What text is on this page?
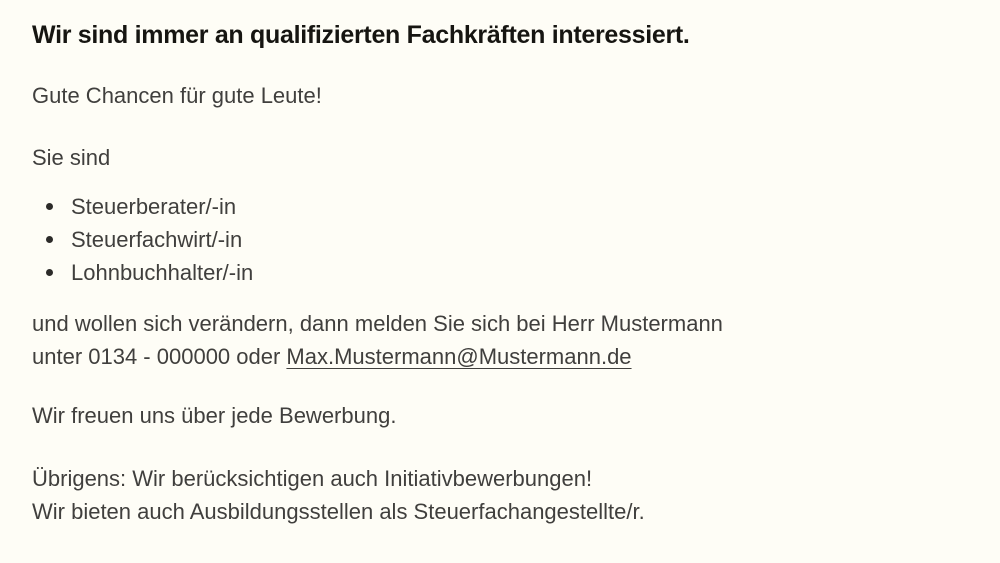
Wir sind immer an qualifizierten Fachkräften interessiert.

Gute Chancen für gute Leute!

Sie sind

Steuerberater/-in
Steuerfachwirt/-in
Lohnbuchhalter/-in

und wollen sich verändern, dann melden Sie sich bei Herr Mustermann
unter 0134 - 000000 oder Max.Mustermann@Mustermann.de

Wir freuen uns über jede Bewerbung.

Übrigens: Wir berücksichtigen auch Initiativbewerbungen!
Wir bieten auch Ausbildungsstellen als Steuerfachangestellte/r.
